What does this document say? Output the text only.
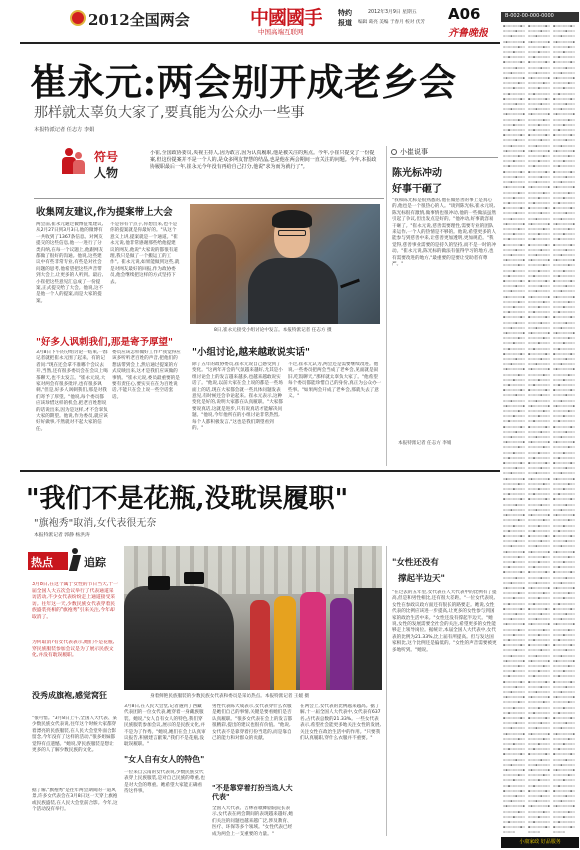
2012全国两会	中國國手
中国高端互联网
特约
报道
2012年3月9日 星期五
编辑 葛亮 美编 于春月 校对 伏芳 A06
齐鲁晚报
崔永元:两会别开成老乡会
那样就太辜负大家了,要真能为公众办一些事
本报特派记者 任志方 李娟
小崔说事
陈光标冲动
好事干砸了
"我和陈光标是很熟悉的,他在做慈善的事上是真心的,他也是一个很热心的人。"谈到陈光标,崔永元说,陈光标很有激情,做事情也很冲动,他的一些做法虽然引起了争议,但出发点是好的。"他冲动,好事就容易干砸了。"崔永元说,慈善需要理性,需要专业的团队来运作,一个人的热情是不够的。他说,希望更多的人能参与到慈善中来,让慈善更加透明,更加规范。"我觉得,慈善事业需要的是持久的坚持,而不是一时的冲动。"崔永元说,陈光标的做法有值得学习的地方,也有需要改进的地方,"最重要的是要让受助者有尊严。"
本报特派记者 任志方 李娟
符号
人物
小崔,全国政协委员,央视主持人,因为敢言,因为认真履职,他是被关注的焦点。今年,小崔只提交了一份提案,但这份提案并不是一个人的,是众多网友智慧的结晶,也是他在两会期间一直关注的问题。今年,本报政协履职最后一年,崔永元今年没有再给自己打分,他说"求为而为就行了"。
收集网友建议,作为提案带上大会
两会前,崔永元通过微博征集建议,从2月27日到3月3日,他的微博有一共收到了1367条信息。对网友提交的这些信息,他一一进行了分类归纳,在每一个议题上,他跟网友都做了很好的沟通。他说,这些建议中有些非常专业,有些是对社会问题的思考,他希望把这些声音带到大会上,让更多的人听到。最后,小崔把这些意见汇总成了一份提案,正式提交给了大会。他说,这不是他一个人的提案,而是大家的提案。
不是你有个点子,你想出来,也不是你的提案就是你最好的。"从这个意义上讲,提案就是一个通道。"崔永元说,他非常感谢那些给他提建议的网友,他说"大家说的都很有道理,我只是做了一个搬运工的工作"。崔永元说,如果能做到这些,就是对网友最好的回报,作为政协委员,他会继续把这样的方式坚持下去。
8日,崔永元接受小组讨论中发言。本报特派记者 任志方 摄
"好多人讽刺我们,那是寄予厚望"
3月8日下午的分组讨论一结束,一群记者就把崔永元围了起来。有的记者问:"现在还会拿不准哪个会议去开,当然,还有很多委员会在会议上喝茶聊天,也不太发言。"崔永元说,大家对两会有很多批评,也有很多讽刺,"但是,好多人讽刺我们,那是对我们寄予了厚望。"他说,每个委员都应该珍惜这样的机会,把老百姓想说的话说出来,因为是这样,才不会辜负大家的期望。他说,作为委员,就应该好好做事,不然就对不起大家的信任。
委员应该怎样做好工作?"我觉得应该多听听老百姓的声音,把他们的想法带到会上,然后通过提案的方式反映出来,这才是我们应该做的事情。"崔永元说,委员最重要的是要有责任心,要实实在在为百姓说话,不能只在会上说一些空话套话。
"小组讨论,越来越敢说实话"
除了五年的政协委员,崔永元说自己感受到了变化。"这两年开会的气氛越来越好,尤其是小组讨论会上的发言越来越多,也越来越敢说实话了。"他说,以前大家在会上说的都是一些场面上的话,现在大家都会就一些具体问题发表意见,有时候还会争论起来。崔永元表示,这种变化是好的,说明大家都在认真履职。"大家都要说真话,这就是进步,只有说真话才能解决问题。"他说,今年他所在的小组讨论非常热烈,每个人都积极发言,"这也是我们期望看到的。"
不过,崔永元认为,两会还是需要继续改进。他说,一些委员把两会当成了老乡会,见面就是叙旧,吃饭聊天,"那样就太辜负大家了。"他希望每个委员都能珍惜自己的身份,真正为公众办一些事。"如果两会开成了老乡会,那就失去了意义。"
"我们不是花瓶,没耽误履职"
"旗袍秀"取消,女代表很无奈
本报特派记者 郭静 杨洪涛
热点	追踪
3月8日,在这个属于女性的节日当天,十一届全国人大五次会议举行了代表通道采访活动,不少女代表纷纷走上通道接受采访。往年这一天,少数民族女代表穿着民族盛装亮相的"旗袍秀"引来关注,今年却取消了。
为何取消?有女代表表示,她们不是花瓶,穿民族服装参加会议是为了展示民族文化,并没有耽误履职。
身着鲜艳民族服装的少数民族女代表和委员是采访热点。本报特派记者 王媛 摄
"女性还没有
撑起半边天"
"在过去的五年里,女代表在人大代表中的比例有了提高,但是和男性相比,还有很大差距。"一位女代表说,女性在参政议政方面还有很长的路要走。她说,女性代表的比例应该进一步提高,让更多的女性参与到国家的政治生活中来。"女性还没有撑起半边天。"她说,女性的发展需要全社会的关注,希望更多的女性能够走上领导岗位。据统计,本届全国人大代表中,女代表的比例为21.33%,比上届有所提高。但与发达国家相比,这个比例还是偏低的。"女性的声音需要被更多地听到。"她说。
没秀成旗袍,感觉窝狂
"很可惜。"3月8日上午,全国人大代表、某少数民族女代表说,往年这个时候大家都穿着漂亮的民族服装,在人民大会堂外面合影留念,今年没有了这样的活动,"很多姐妹都觉得有点遗憾。"她说,穿民族服装是想让更多的人了解少数民族的文化。
据了解,"旗袍秀"是往年两会期间的一道风景,许多女代表会在3月8日这一天穿上旗袍或民族盛装,在人民大会堂前合影。今年,这个活动没有举行。
3月8日,在人民大会堂,记者遇到了西藏代表团的一位女代表,她穿着一身藏族服装。她说,"女人自有女人的特色,我们穿民族服装参加会议,展示的是民族文化,并不是为了作秀。"她说,她们在会上认真审议报告,积极建言献策,"我们不是花瓶,没耽误履职。"
"女人自有女人的特色"
一位来自云南的女代表说,少数民族女代表穿上民族服装,是对自己民族的尊重,也是对大会的尊重。她希望大家能正确看待这件事。
男性代表陈大成表示,女代表穿什么衣服是她们自己的事情,关键是要看她们是否认真履职。"很多女代表在会上的发言都很精彩,提出的建议也很有价值。"他说,女代表不是靠穿着打扮当选的,而是靠自己的能力和对群众的贡献。
"不是靠穿着打扮当选人大代表"
全国人大代表、吉林省歌舞剧院院长表示,女代表在两会期间的表现越来越好,她们关注的问题也越来越广泛,涉及教育、医疗、环保等多个领域。"女性代表已经成为两会上一支重要的力量。"
在两会上,女代表的比例越来越高。据了解,十一届全国人大代表中,女代表有637名,占代表总数的21.33%。一些女代表表示,希望社会能更多地关注女性的发展,关注女性在政治生活中的作用。"只要我们认真履职,穿什么衣服并不重要。"
B-002-00-000-0000
▪▫▫▫▫▫▫▪▫▫▫▫▫▫▪▫▫▫▫▫▫▪▫▫▫▫▫▫▪▫▫▫▫▫▫▪▫▫▫▫▫▫▪▫▫▫▫▫▫▪▫▫▫▫▫▫▪▫▫▫▫▫▫▪▫▫▫▫▫▫▪▫▫▫▫▫▫▪▫▫▫▫▫▫▪▫▫▫▫▫▫▪▫▫▫▫▫▫▪▫▫▫▫▫▫▪▫▫▫▫▫▫▪▫▫▫▫▫▫▪▫▫▫▫▫▫▪▫▫▫▫▫▫▪▫▫▫▫▫▫▪▫▫▫▫▫▫▪▫▫▫▫▫▫▪▫▫▫▫▫▫▪▫▫▫▫▫▫▪▫▫▫▫▫▫▪▫▫▫▫▫▫▪▫▫▫▫▫▫▪▫▫▫▫▫▫▪▫▫▫▫▫▫▪▫▫▫▫▫▫▪▫▫▫▫▫▫▪▫▫▫▫▫▫▪▫▫▫▫▫▫▪▫▫▫▫▫▫▪▫▫▫▫▫▫▪▫▫▫▫▫▫▪▫▫▫▫▫▫▪▫▫▫▫▫▫▪▫▫▫▫▫▫▪▫▫▫▫▫▫▪▫▫▫▫▫▫▪▫▫▫▫▫▫▪▫▫▫▫▫▫▪▫▫▫▫▫▫▪▫▫▫▫▫▫▪▫▫▫▫▫▫▪▫▫▫▫▫▫▪▫▫▫▫▫▫▪▫▫▫▫▫▫▪▫▫▫▫▫▫▪▫▫▫▫▫▫▪▫▫▫▫▫▫▪▫▫▫▫▫▫▪▫▫▫▫▫▫▪▫▫▫▫▫▫▪▫▫▫▫▫▫▪▫▫▫▫▫▫▪▫▫▫▫▫▫▪▫▫▫▫▫▫▪▫▫▫▫▫▫▪▫▫▫▫▫▫▪▫▫▫▫▫▫▪▫▫▫▫▫▫▪▫▫▫▫▫▫▪▫▫▫▫▫▫▪▫▫▫▫▫▫▪▫▫▫▫▫▫▪▫▫▫▫▫▫▪▫▫▫▫▫▫▪▫▫▫▫▫▫▪▫▫▫▫▫▫▪▫▫▫▫▫▫▪▫▫▫▫▫▫▪▫▫▫▫▫▫▪▫▫▫▫▫▫▪▫▫▫▫▫▫▪▫▫▫▫▫▫▪▫▫▫▫▫▫▪▫▫▫▫▫▫▪▫▫▫▫▫▫▪▫▫▫▫▫▫▪▫▫▫▫▫▫▪▫▫▫▫▫▫▪▫▫▫▫▫▫▪▫▫▫▫▫▫▪▫▫▫▫▫▫▪▫▫▫▫▫▫▪▫▫▫▫▫▫▪▫▫▫▫▫▫▪▫▫▫▫▫▫▪▫▫▫▫▫▫▪▫▫▫▫▫▫▪▫▫▫▫▫▫▪▫▫▫▫▫▫▪▫▫▫▫▫▫▪▫▫▫▫▫▫▪▫▫▫▫▫▫▪▫▫▫▫▫▫▪▫▫▫▫▫▫▪▫▫▫▫▫▫▪▫▫▫▫▫▫▪▫▫▫▫▫▫▪▫▫▫▫▫▫▪▫▫▫▫▫▫▪▫▫▫▫▫▫▪▫▫▫▫▫▫▪▫▫▫▫▫▫▪▫▫▫▫▫▫▪▫▫▫▫▫▫▪▫▫▫▫▫▫▪▫▫▫▫▫▫▪▫▫▫▫▫▫▪▫▫▫▫▫▫▪▫▫▫▫▫▫▪▫▫▫▫▫▫▪▫▫▫▫▫▫▪▫▫▫▫▫▫▪▫▫▫▫▫▫▪▫▫▫▫▫▫▪▫▫▫▫▫▫▪▫▫▫▫▫▫▪▫▫▫▫▫▫▪▫▫▫▫▫▫▪▫▫▫▫▫▫▪▫▫▫▫▫▫▪▫▫▫▫▫▫▪▫▫▫▫▫▫▪▫▫▫▫▫▫▪▫▫▫▫▫▫▪▫▫▫▫▫▫▪▫▫▫▫▫▫▪▫▫▫▫▫▫▪▫▫▫▫▫▫▪▫▫▫▫▫▫▪▫▫▫▫▫▫▪▫▫▫▫▫▫▪▫▫▫▫▫▫▪▫▫▫▫▫▫▪▫▫▫▫▫▫▪▫▫▫▫▫▫▪▫▫▫▫▫▫▪▫▫▫▫▫▫▪▫▫▫▫▫▫▪▫▫▫▫▫▫▪▫▫▫▫▫▫▪▫▫▫▫▫▫▪▫▫▫▫▫▫▪▫▫▫▫▫▫▪▫▫▫▫▫▫▪▫▫▫▫▫▫▪▫▫▫▫▫▫▪▫▫▫▫▫▫▪▫▫▫▫▫▫▪▫▫▫▫▫▫▪▫▫▫▫▫▫▪▫▫▫▫▫▫▪▫▫▫▫▫▫▪▫▫▫▫▫▫▪▫▫▫▫▫▫▪▫▫▫▫▫▫▪▫▫▫▫▫▫▪▫▫▫▫▫▫▪▫▫▫▫▫▫▪▫▫▫▫▫▫▪▫▫▫▫▫▫▪▫▫▫▫▫▫▪▫▫▫▫▫▫▪▫▫▫▫▫▫▪▫▫▫▫▫▫▪▫▫▫▫▫▫▪▫▫▫▫▫▫▪▫▫▫▫▫▫▪▫▫▫▫▫▫▪▫▫▫▫▫▫▪▫▫▫▫▫▫▪▫▫▫▫▫▫▪▫▫▫▫▫▫▪▫▫▫▫▫▫▪▫▫▫▫▫▫▪▫▫▫▫▫▫▪▫▫▫▫▫▫▪▫▫▫▫▫▫▪▫▫▫▫▫▫▪▫▫▫▫▫▫▪▫▫▫▫▫▫▪▫▫▫▫▫▫▪▫▫▫▫▫▫▪▫▫▫▫▫▫▪▫▫▫▫▫▫▪▫▫▫▫▫▫▪▫▫▫▫▫▫▪▫▫▫▫▫▫▪▫▫▫▫▫▫▪▫▫▫▫▫▫▪▫▫▫▫▫▫▪▫▫▫▫▫▫▪▫▫▫▫▫▫▪▫▫▫▫▫▫▪▫▫▫▫▫▫▪▫▫▫▫▫▫
▪▫▫▫▫▫▫▪▫▫▫▫▫▫▪▫▫▫▫▫▫▪▫▫▫▫▫▫▪▫▫▫▫▫▫▪▫▫▫▫▫▫▪▫▫▫▫▫▫▪▫▫▫▫▫▫▪▫▫▫▫▫▫▪▫▫▫▫▫▫▪▫▫▫▫▫▫▪▫▫▫▫▫▫▪▫▫▫▫▫▫▪▫▫▫▫▫▫▪▫▫▫▫▫▫▪▫▫▫▫▫▫▪▫▫▫▫▫▫▪▫▫▫▫▫▫▪▫▫▫▫▫▫▪▫▫▫▫▫▫▪▫▫▫▫▫▫▪▫▫▫▫▫▫▪▫▫▫▫▫▫▪▫▫▫▫▫▫▪▫▫▫▫▫▫▪▫▫▫▫▫▫▪▫▫▫▫▫▫▪▫▫▫▫▫▫▪▫▫▫▫▫▫▪▫▫▫▫▫▫▪▫▫▫▫▫▫▪▫▫▫▫▫▫▪▫▫▫▫▫▫▪▫▫▫▫▫▫▪▫▫▫▫▫▫▪▫▫▫▫▫▫▪▫▫▫▫▫▫▪▫▫▫▫▫▫▪▫▫▫▫▫▫▪▫▫▫▫▫▫▪▫▫▫▫▫▫▪▫▫▫▫▫▫▪▫▫▫▫▫▫▪▫▫▫▫▫▫▪▫▫▫▫▫▫▪▫▫▫▫▫▫▪▫▫▫▫▫▫▪▫▫▫▫▫▫▪▫▫▫▫▫▫▪▫▫▫▫▫▫▪▫▫▫▫▫▫▪▫▫▫▫▫▫▪▫▫▫▫▫▫▪▫▫▫▫▫▫▪▫▫▫▫▫▫▪▫▫▫▫▫▫▪▫▫▫▫▫▫▪▫▫▫▫▫▫▪▫▫▫▫▫▫▪▫▫▫▫▫▫▪▫▫▫▫▫▫▪▫▫▫▫▫▫▪▫▫▫▫▫▫▪▫▫▫▫▫▫▪▫▫▫▫▫▫▪▫▫▫▫▫▫▪▫▫▫▫▫▫▪▫▫▫▫▫▫▪▫▫▫▫▫▫▪▫▫▫▫▫▫▪▫▫▫▫▫▫▪▫▫▫▫▫▫▪▫▫▫▫▫▫▪▫▫▫▫▫▫▪▫▫▫▫▫▫▪▫▫▫▫▫▫▪▫▫▫▫▫▫▪▫▫▫▫▫▫▪▫▫▫▫▫▫▪▫▫▫▫▫▫▪▫▫▫▫▫▫▪▫▫▫▫▫▫▪▫▫▫▫▫▫▪▫▫▫▫▫▫▪▫▫▫▫▫▫▪▫▫▫▫▫▫▪▫▫▫▫▫▫▪▫▫▫▫▫▫▪▫▫▫▫▫▫▪▫▫▫▫▫▫▪▫▫▫▫▫▫▪▫▫▫▫▫▫▪▫▫▫▫▫▫▪▫▫▫▫▫▫▪▫▫▫▫▫▫▪▫▫▫▫▫▫▪▫▫▫▫▫▫▪▫▫▫▫▫▫▪▫▫▫▫▫▫▪▫▫▫▫▫▫▪▫▫▫▫▫▫▪▫▫▫▫▫▫▪▫▫▫▫▫▫▪▫▫▫▫▫▫▪▫▫▫▫▫▫▪▫▫▫▫▫▫▪▫▫▫▫▫▫▪▫▫▫▫▫▫▪▫▫▫▫▫▫▪▫▫▫▫▫▫▪▫▫▫▫▫▫▪▫▫▫▫▫▫▪▫▫▫▫▫▫▪▫▫▫▫▫▫▪▫▫▫▫▫▫▪▫▫▫▫▫▫▪▫▫▫▫▫▫▪▫▫▫▫▫▫▪▫▫▫▫▫▫▪▫▫▫▫▫▫▪▫▫▫▫▫▫▪▫▫▫▫▫▫▪▫▫▫▫▫▫▪▫▫▫▫▫▫▪▫▫▫▫▫▫▪▫▫▫▫▫▫▪▫▫▫▫▫▫▪▫▫▫▫▫▫▪▫▫▫▫▫▫▪▫▫▫▫▫▫▪▫▫▫▫▫▫▪▫▫▫▫▫▫▪▫▫▫▫▫▫▪▫▫▫▫▫▫▪▫▫▫▫▫▫▪▫▫▫▫▫▫▪▫▫▫▫▫▫▪▫▫▫▫▫▫▪▫▫▫▫▫▫▪▫▫▫▫▫▫▪▫▫▫▫▫▫▪▫▫▫▫▫▫▪▫▫▫▫▫▫▪▫▫▫▫▫▫▪▫▫▫▫▫▫▪▫▫▫▫▫▫▪▫▫▫▫▫▫▪▫▫▫▫▫▫▪▫▫▫▫▫▫▪▫▫▫▫▫▫▪▫▫▫▫▫▫▪▫▫▫▫▫▫▪▫▫▫▫▫▫▪▫▫▫▫▫▫▪▫▫▫▫▫▫▪▫▫▫▫▫▫▪▫▫▫▫▫▫▪▫▫▫▫▫▫▪▫▫▫▫▫▫▪▫▫▫▫▫▫▪▫▫▫▫▫▫▪▫▫▫▫▫▫▪▫▫▫▫▫▫▪▫▫▫▫▫▫▪▫▫▫▫▫▫▪▫▫▫▫▫▫▪▫▫▫▫▫▫▪▫▫▫▫▫▫▪▫▫▫▫▫▫▪▫▫▫▫▫▫▪▫▫▫▫▫▫▪▫▫▫▫▫▫▪▫▫▫▫▫▫▪▫▫▫▫▫▫▪▫▫▫▫▫▫▪▫▫▫▫▫▫▪▫▫▫▫▫▫▪▫▫▫▫▫▫▪▫▫▫▫▫▫▪▫▫▫▫▫▫▪▫▫▫▫▫▫▪▫▫▫▫▫▫▪▫▫▫▫▫▫▪▫▫▫▫▫▫▪▫▫▫▫▫▫▪▫▫▫▫▫▫▪▫▫▫▫▫▫▪▫▫▫▫▫▫▪▫▫▫▫▫▫▪▫▫▫▫▫▫▪▫▫▫▫▫▫▪▫▫▫▫▫▫▪▫▫▫▫▫▫▪▫▫▫▫▫▫▪▫▫▫▫▫▫▪▫▫▫▫▫▫▪▫▫▫▫▫▫▪▫▫▫▫▫▫▪▫▫▫▫▫▫▪▫▫▫▫▫▫
▪▫▫▫▫▫▫▪▫▫▫▫▫▫▪▫▫▫▫▫▫▪▫▫▫▫▫▫▪▫▫▫▫▫▫▪▫▫▫▫▫▫▪▫▫▫▫▫▫▪▫▫▫▫▫▫▪▫▫▫▫▫▫▪▫▫▫▫▫▫▪▫▫▫▫▫▫▪▫▫▫▫▫▫▪▫▫▫▫▫▫▪▫▫▫▫▫▫▪▫▫▫▫▫▫▪▫▫▫▫▫▫▪▫▫▫▫▫▫▪▫▫▫▫▫▫▪▫▫▫▫▫▫▪▫▫▫▫▫▫▪▫▫▫▫▫▫▪▫▫▫▫▫▫▪▫▫▫▫▫▫▪▫▫▫▫▫▫▪▫▫▫▫▫▫▪▫▫▫▫▫▫▪▫▫▫▫▫▫▪▫▫▫▫▫▫▪▫▫▫▫▫▫▪▫▫▫▫▫▫▪▫▫▫▫▫▫▪▫▫▫▫▫▫▪▫▫▫▫▫▫▪▫▫▫▫▫▫▪▫▫▫▫▫▫▪▫▫▫▫▫▫▪▫▫▫▫▫▫▪▫▫▫▫▫▫▪▫▫▫▫▫▫▪▫▫▫▫▫▫▪▫▫▫▫▫▫▪▫▫▫▫▫▫▪▫▫▫▫▫▫▪▫▫▫▫▫▫▪▫▫▫▫▫▫▪▫▫▫▫▫▫▪▫▫▫▫▫▫▪▫▫▫▫▫▫▪▫▫▫▫▫▫▪▫▫▫▫▫▫▪▫▫▫▫▫▫▪▫▫▫▫▫▫▪▫▫▫▫▫▫▪▫▫▫▫▫▫▪▫▫▫▫▫▫▪▫▫▫▫▫▫▪▫▫▫▫▫▫▪▫▫▫▫▫▫▪▫▫▫▫▫▫▪▫▫▫▫▫▫▪▫▫▫▫▫▫▪▫▫▫▫▫▫▪▫▫▫▫▫▫▪▫▫▫▫▫▫▪▫▫▫▫▫▫▪▫▫▫▫▫▫▪▫▫▫▫▫▫▪▫▫▫▫▫▫▪▫▫▫▫▫▫▪▫▫▫▫▫▫▪▫▫▫▫▫▫▪▫▫▫▫▫▫▪▫▫▫▫▫▫▪▫▫▫▫▫▫▪▫▫▫▫▫▫▪▫▫▫▫▫▫▪▫▫▫▫▫▫▪▫▫▫▫▫▫▪▫▫▫▫▫▫▪▫▫▫▫▫▫▪▫▫▫▫▫▫▪▫▫▫▫▫▫▪▫▫▫▫▫▫▪▫▫▫▫▫▫▪▫▫▫▫▫▫▪▫▫▫▫▫▫▪▫▫▫▫▫▫▪▫▫▫▫▫▫▪▫▫▫▫▫▫▪▫▫▫▫▫▫▪▫▫▫▫▫▫▪▫▫▫▫▫▫▪▫▫▫▫▫▫▪▫▫▫▫▫▫▪▫▫▫▫▫▫▪▫▫▫▫▫▫▪▫▫▫▫▫▫▪▫▫▫▫▫▫▪▫▫▫▫▫▫▪▫▫▫▫▫▫▪▫▫▫▫▫▫▪▫▫▫▫▫▫▪▫▫▫▫▫▫▪▫▫▫▫▫▫▪▫▫▫▫▫▫▪▫▫▫▫▫▫▪▫▫▫▫▫▫▪▫▫▫▫▫▫▪▫▫▫▫▫▫▪▫▫▫▫▫▫▪▫▫▫▫▫▫▪▫▫▫▫▫▫▪▫▫▫▫▫▫▪▫▫▫▫▫▫▪▫▫▫▫▫▫▪▫▫▫▫▫▫▪▫▫▫▫▫▫▪▫▫▫▫▫▫▪▫▫▫▫▫▫▪▫▫▫▫▫▫▪▫▫▫▫▫▫▪▫▫▫▫▫▫▪▫▫▫▫▫▫▪▫▫▫▫▫▫▪▫▫▫▫▫▫▪▫▫▫▫▫▫▪▫▫▫▫▫▫▪▫▫▫▫▫▫▪▫▫▫▫▫▫▪▫▫▫▫▫▫▪▫▫▫▫▫▫▪▫▫▫▫▫▫▪▫▫▫▫▫▫▪▫▫▫▫▫▫▪▫▫▫▫▫▫▪▫▫▫▫▫▫▪▫▫▫▫▫▫▪▫▫▫▫▫▫▪▫▫▫▫▫▫▪▫▫▫▫▫▫▪▫▫▫▫▫▫▪▫▫▫▫▫▫▪▫▫▫▫▫▫▪▫▫▫▫▫▫▪▫▫▫▫▫▫▪▫▫▫▫▫▫▪▫▫▫▫▫▫▪▫▫▫▫▫▫▪▫▫▫▫▫▫▪▫▫▫▫▫▫▪▫▫▫▫▫▫▪▫▫▫▫▫▫▪▫▫▫▫▫▫▪▫▫▫▫▫▫▪▫▫▫▫▫▫▪▫▫▫▫▫▫▪▫▫▫▫▫▫▪▫▫▫▫▫▫▪▫▫▫▫▫▫▪▫▫▫▫▫▫▪▫▫▫▫▫▫▪▫▫▫▫▫▫▪▫▫▫▫▫▫▪▫▫▫▫▫▫▪▫▫▫▫▫▫▪▫▫▫▫▫▫▪▫▫▫▫▫▫▪▫▫▫▫▫▫▪▫▫▫▫▫▫▪▫▫▫▫▫▫▪▫▫▫▫▫▫▪▫▫▫▫▫▫▪▫▫▫▫▫▫▪▫▫▫▫▫▫▪▫▫▫▫▫▫▪▫▫▫▫▫▫▪▫▫▫▫▫▫▪▫▫▫▫▫▫▪▫▫▫▫▫▫▪▫▫▫▫▫▫▪▫▫▫▫▫▫▪▫▫▫▫▫▫▪▫▫▫▫▫▫▪▫▫▫▫▫▫▪▫▫▫▫▫▫▪▫▫▫▫▫▫▪▫▫▫▫▫▫▪▫▫▫▫▫▫▪▫▫▫▫▫▫▪▫▫▫▫▫▫▪▫▫▫▫▫▫▪▫▫▫▫▫▫▪▫▫▫▫▫▫▪▫▫▫▫▫▫▪▫▫▫▫▫▫▪▫▫▫▫▫▫▪▫▫▫▫▫▫▪▫▫▫▫▫▫▪▫▫▫▫▫▫▪▫▫▫▫▫▫
小康家政 好品服务
